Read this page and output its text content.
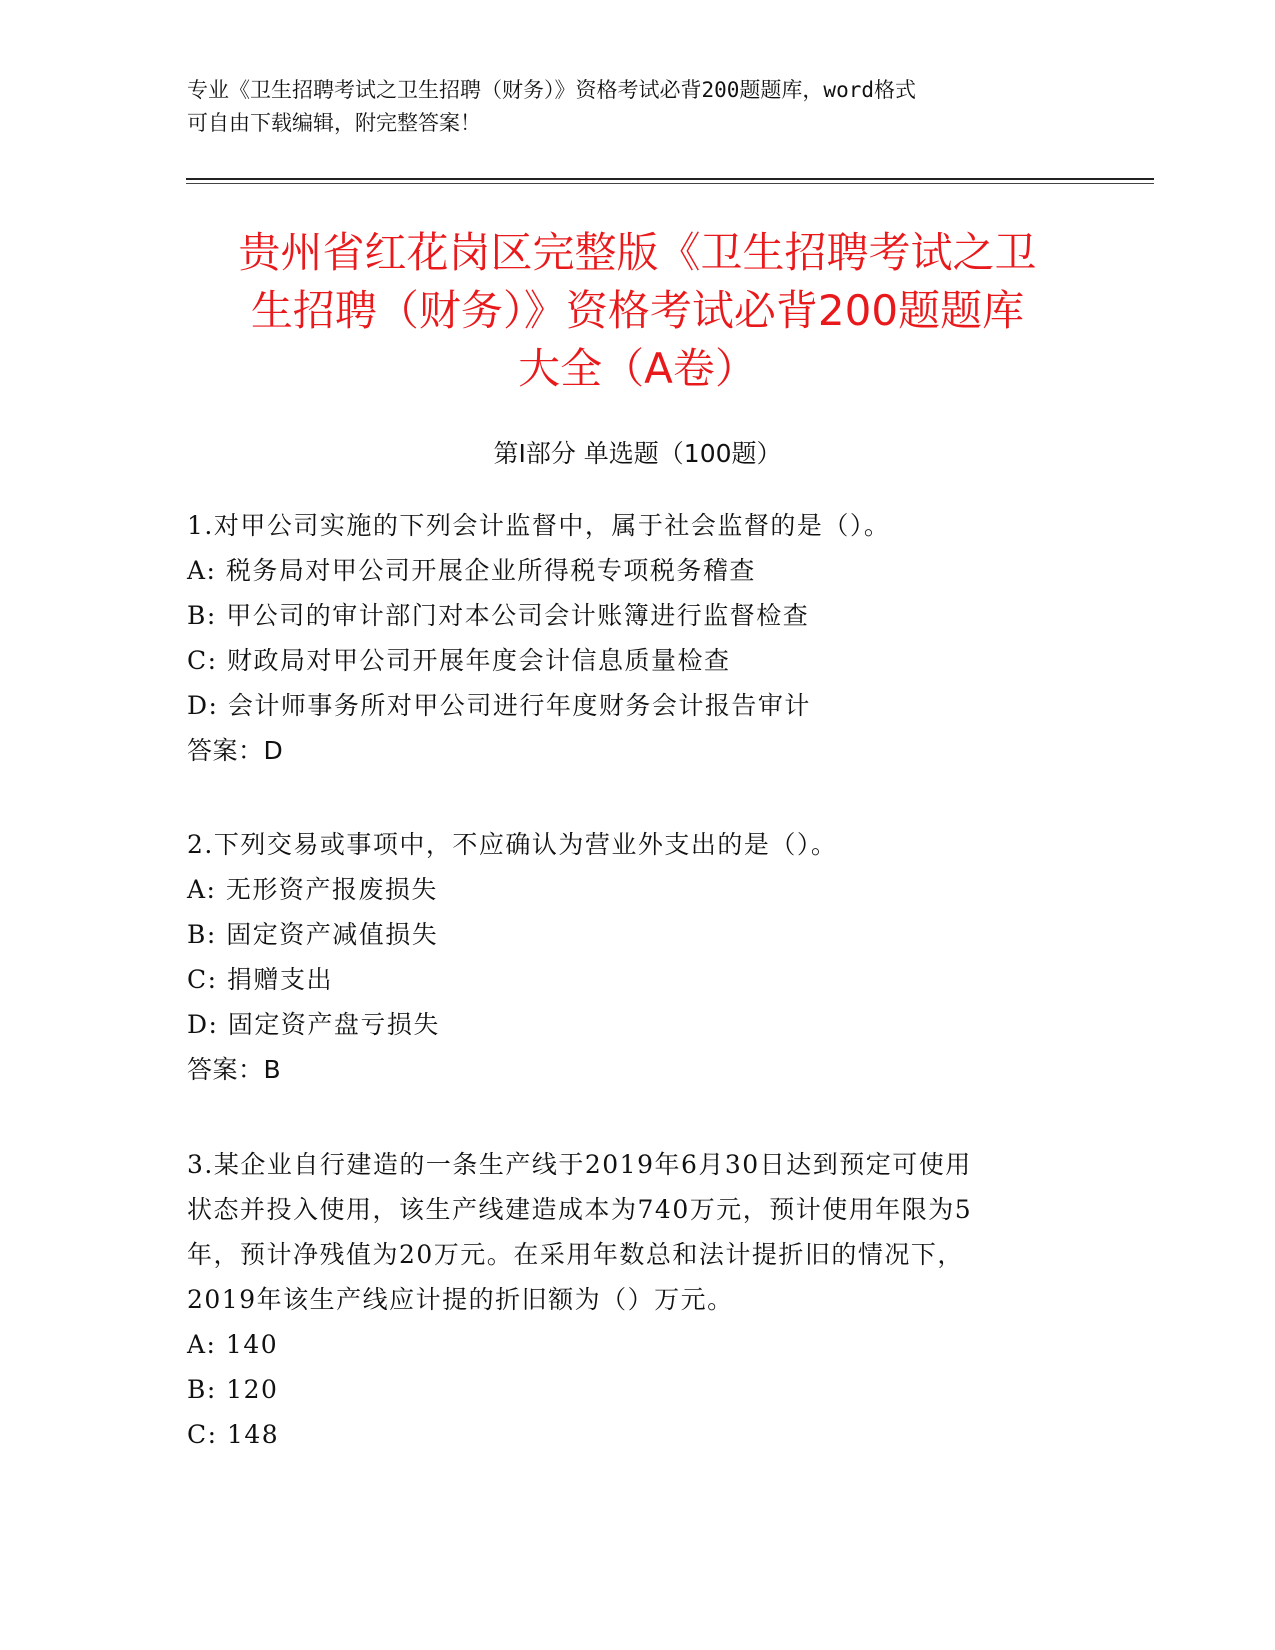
专业《卫生招聘考试之卫生招聘（财务）》资格考试必背200题题库，word格式
可自由下载编辑，附完整答案！
贵州省红花岗区完整版《卫生招聘考试之卫
生招聘（财务）》资格考试必背200题题库
大全（A卷）
第Ⅰ部分 单选题（100题）
1.对甲公司实施的下列会计监督中，属于社会监督的是（）。
A: 税务局对甲公司开展企业所得税专项税务稽查
B: 甲公司的审计部门对本公司会计账簿进行监督检查
C: 财政局对甲公司开展年度会计信息质量检查
D: 会计师事务所对甲公司进行年度财务会计报告审计
答案：D
2.下列交易或事项中，不应确认为营业外支出的是（）。
A: 无形资产报废损失
B: 固定资产减值损失
C: 捐赠支出
D: 固定资产盘亏损失
答案：B
3.某企业自行建造的一条生产线于2019年6月30日达到预定可使用
状态并投入使用，该生产线建造成本为740万元，预计使用年限为5
年，预计净残值为20万元。在采用年数总和法计提折旧的情况下，
2019年该生产线应计提的折旧额为（）万元。
A: 140
B: 120
C: 148
